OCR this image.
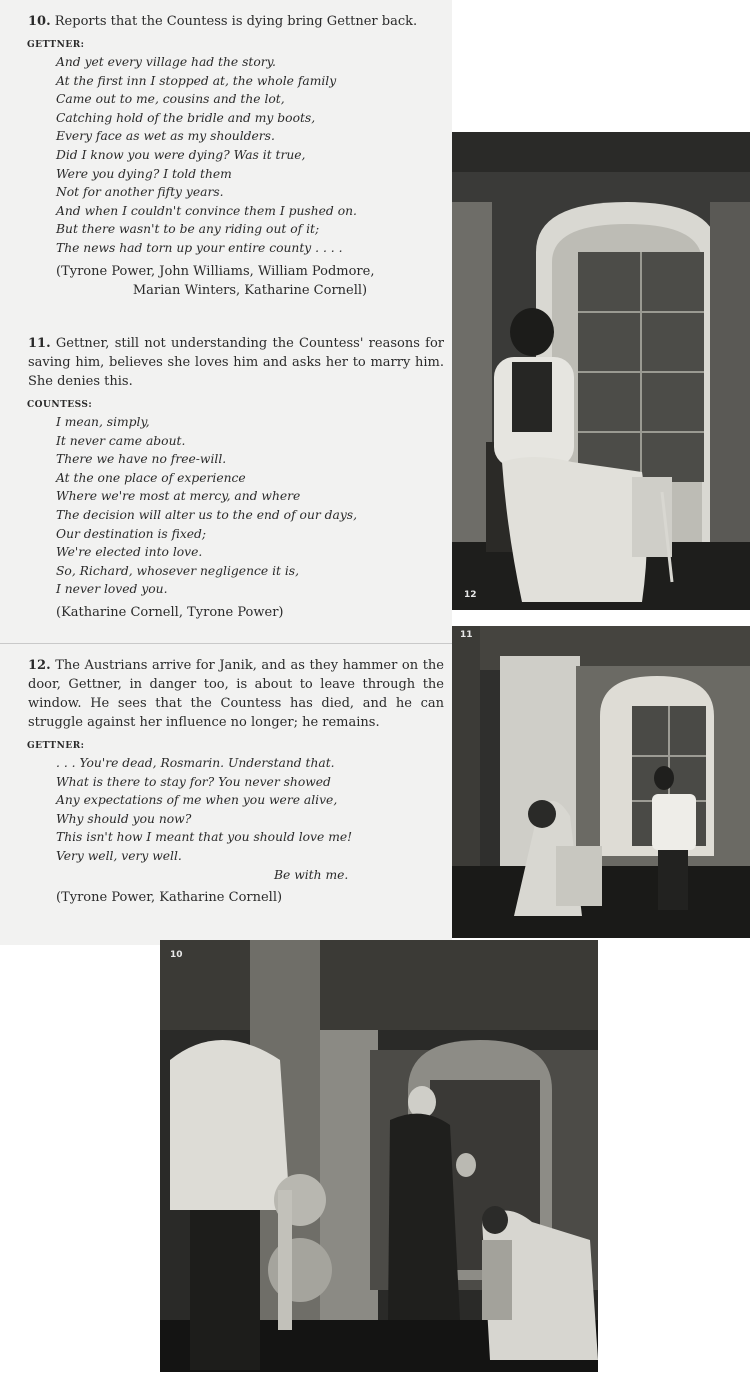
10. Reports that the Countess is dying bring Gettner back.

GETTNER:
And yet every village had the story.
At the first inn I stopped at, the whole family
Came out to me, cousins and the lot,
Catching hold of the bridle and my boots,
Every face as wet as my shoulders.
Did I know you were dying? Was it true,
Were you dying? I told them
Not for another fifty years.
And when I couldn't convince them I pushed on.
But there wasn't to be any riding out of it;
The news had torn up your entire county . . . .
(Tyrone Power, John Williams, William Podmore,
Marian Winters, Katharine Cornell)

11. Gettner, still not understanding the Countess' reasons for saving him, believes she loves him and asks her to marry him. She denies this.

COUNTESS:
I mean, simply,
It never came about.
There we have no free-will.
At the one place of experience
Where we're most at mercy, and where
The decision will alter us to the end of our days,
Our destination is fixed;
We're elected into love.
So, Richard, whosever negligence it is,
I never loved you.
(Katharine Cornell, Tyrone Power)

12. The Austrians arrive for Janik, and as they hammer on the door, Gettner, in danger too, is about to leave through the window. He sees that the Countess has died, and he can struggle against her influence no longer; he remains.

GETTNER:
. . . You're dead, Rosmarin. Understand that.
What is there to stay for? You never showed
Any expectations of me when you were alive,
Why should you now?
This isn't how I meant that you should love me!
Very well, very well.
Be with me.
(Tyrone Power, Katharine Cornell)
12
11
10
